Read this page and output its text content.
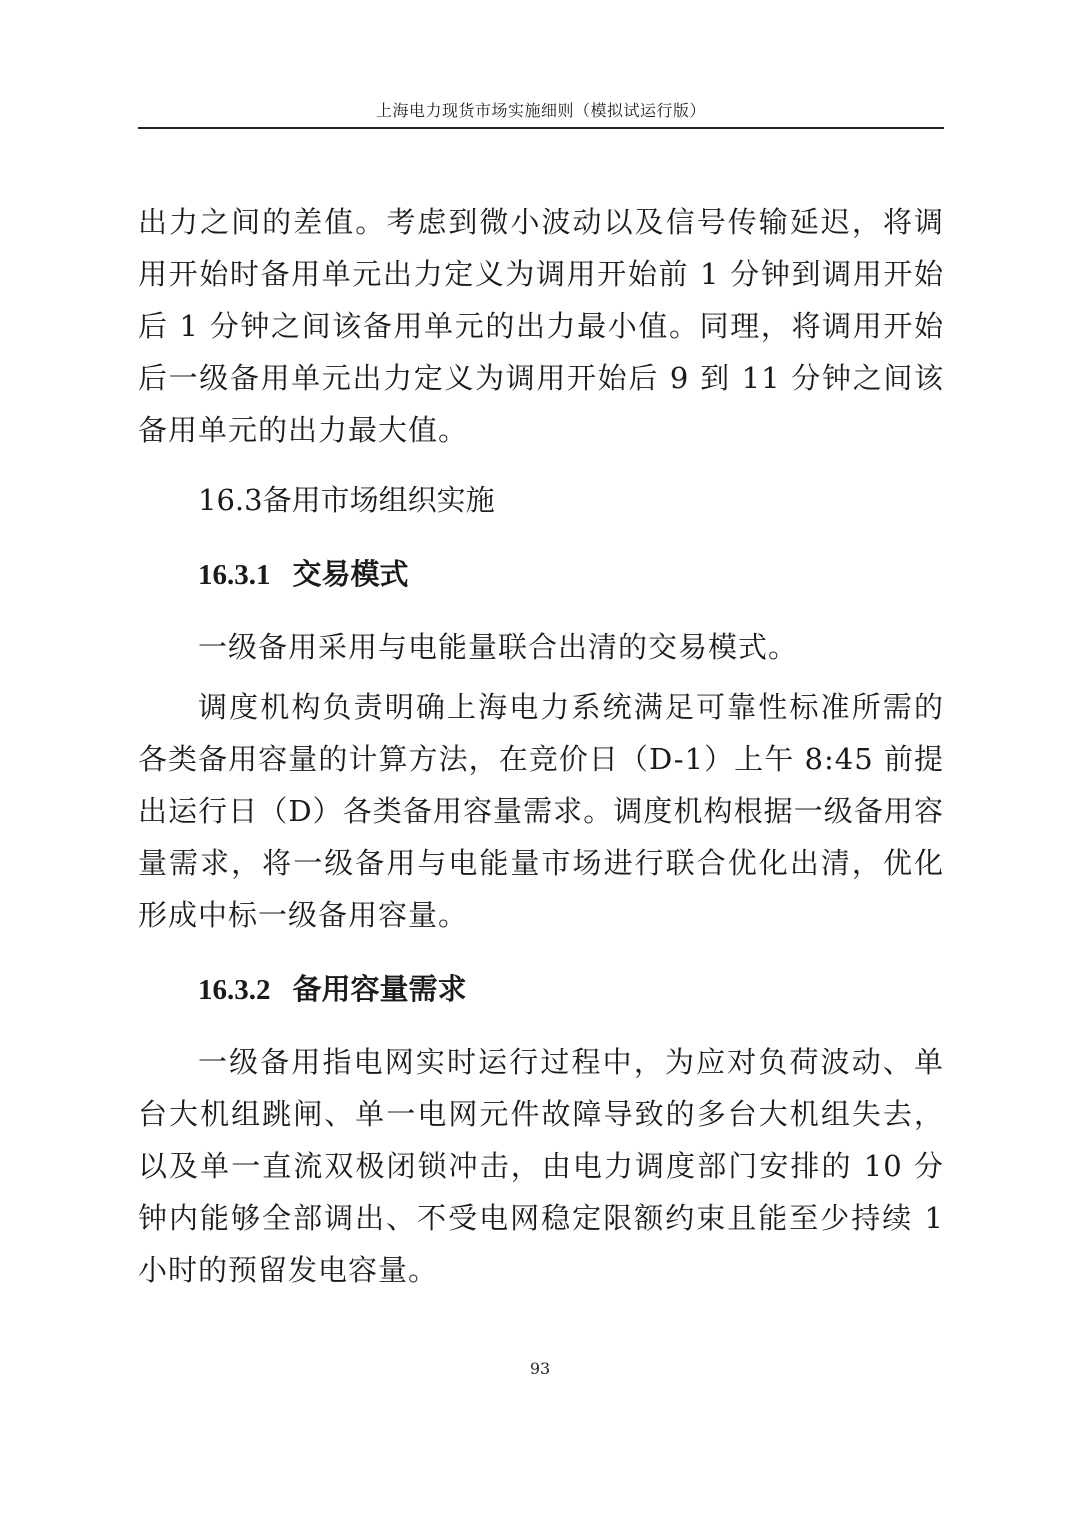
上海电力现货市场实施细则（模拟试运行版）

出力之间的差值。考虑到微小波动以及信号传输延迟，将调用开始时备用单元出力定义为调用开始前 1 分钟到调用开始后 1 分钟之间该备用单元的出力最小值。同理，将调用开始后一级备用单元出力定义为调用开始后 9 到 11 分钟之间该备用单元的出力最大值。

16.3备用市场组织实施
16.3.1 交易模式

一级备用采用与电能量联合出清的交易模式。

调度机构负责明确上海电力系统满足可靠性标准所需的各类备用容量的计算方法，在竞价日（D-1）上午 8:45 前提出运行日（D）各类备用容量需求。调度机构根据一级备用容量需求，将一级备用与电能量市场进行联合优化出清，优化形成中标一级备用容量。

16.3.2 备用容量需求

一级备用指电网实时运行过程中，为应对负荷波动、单台大机组跳闸、单一电网元件故障导致的多台大机组失去，以及单一直流双极闭锁冲击，由电力调度部门安排的 10 分钟内能够全部调出、不受电网稳定限额约束且能至少持续 1 小时的预留发电容量。

93
